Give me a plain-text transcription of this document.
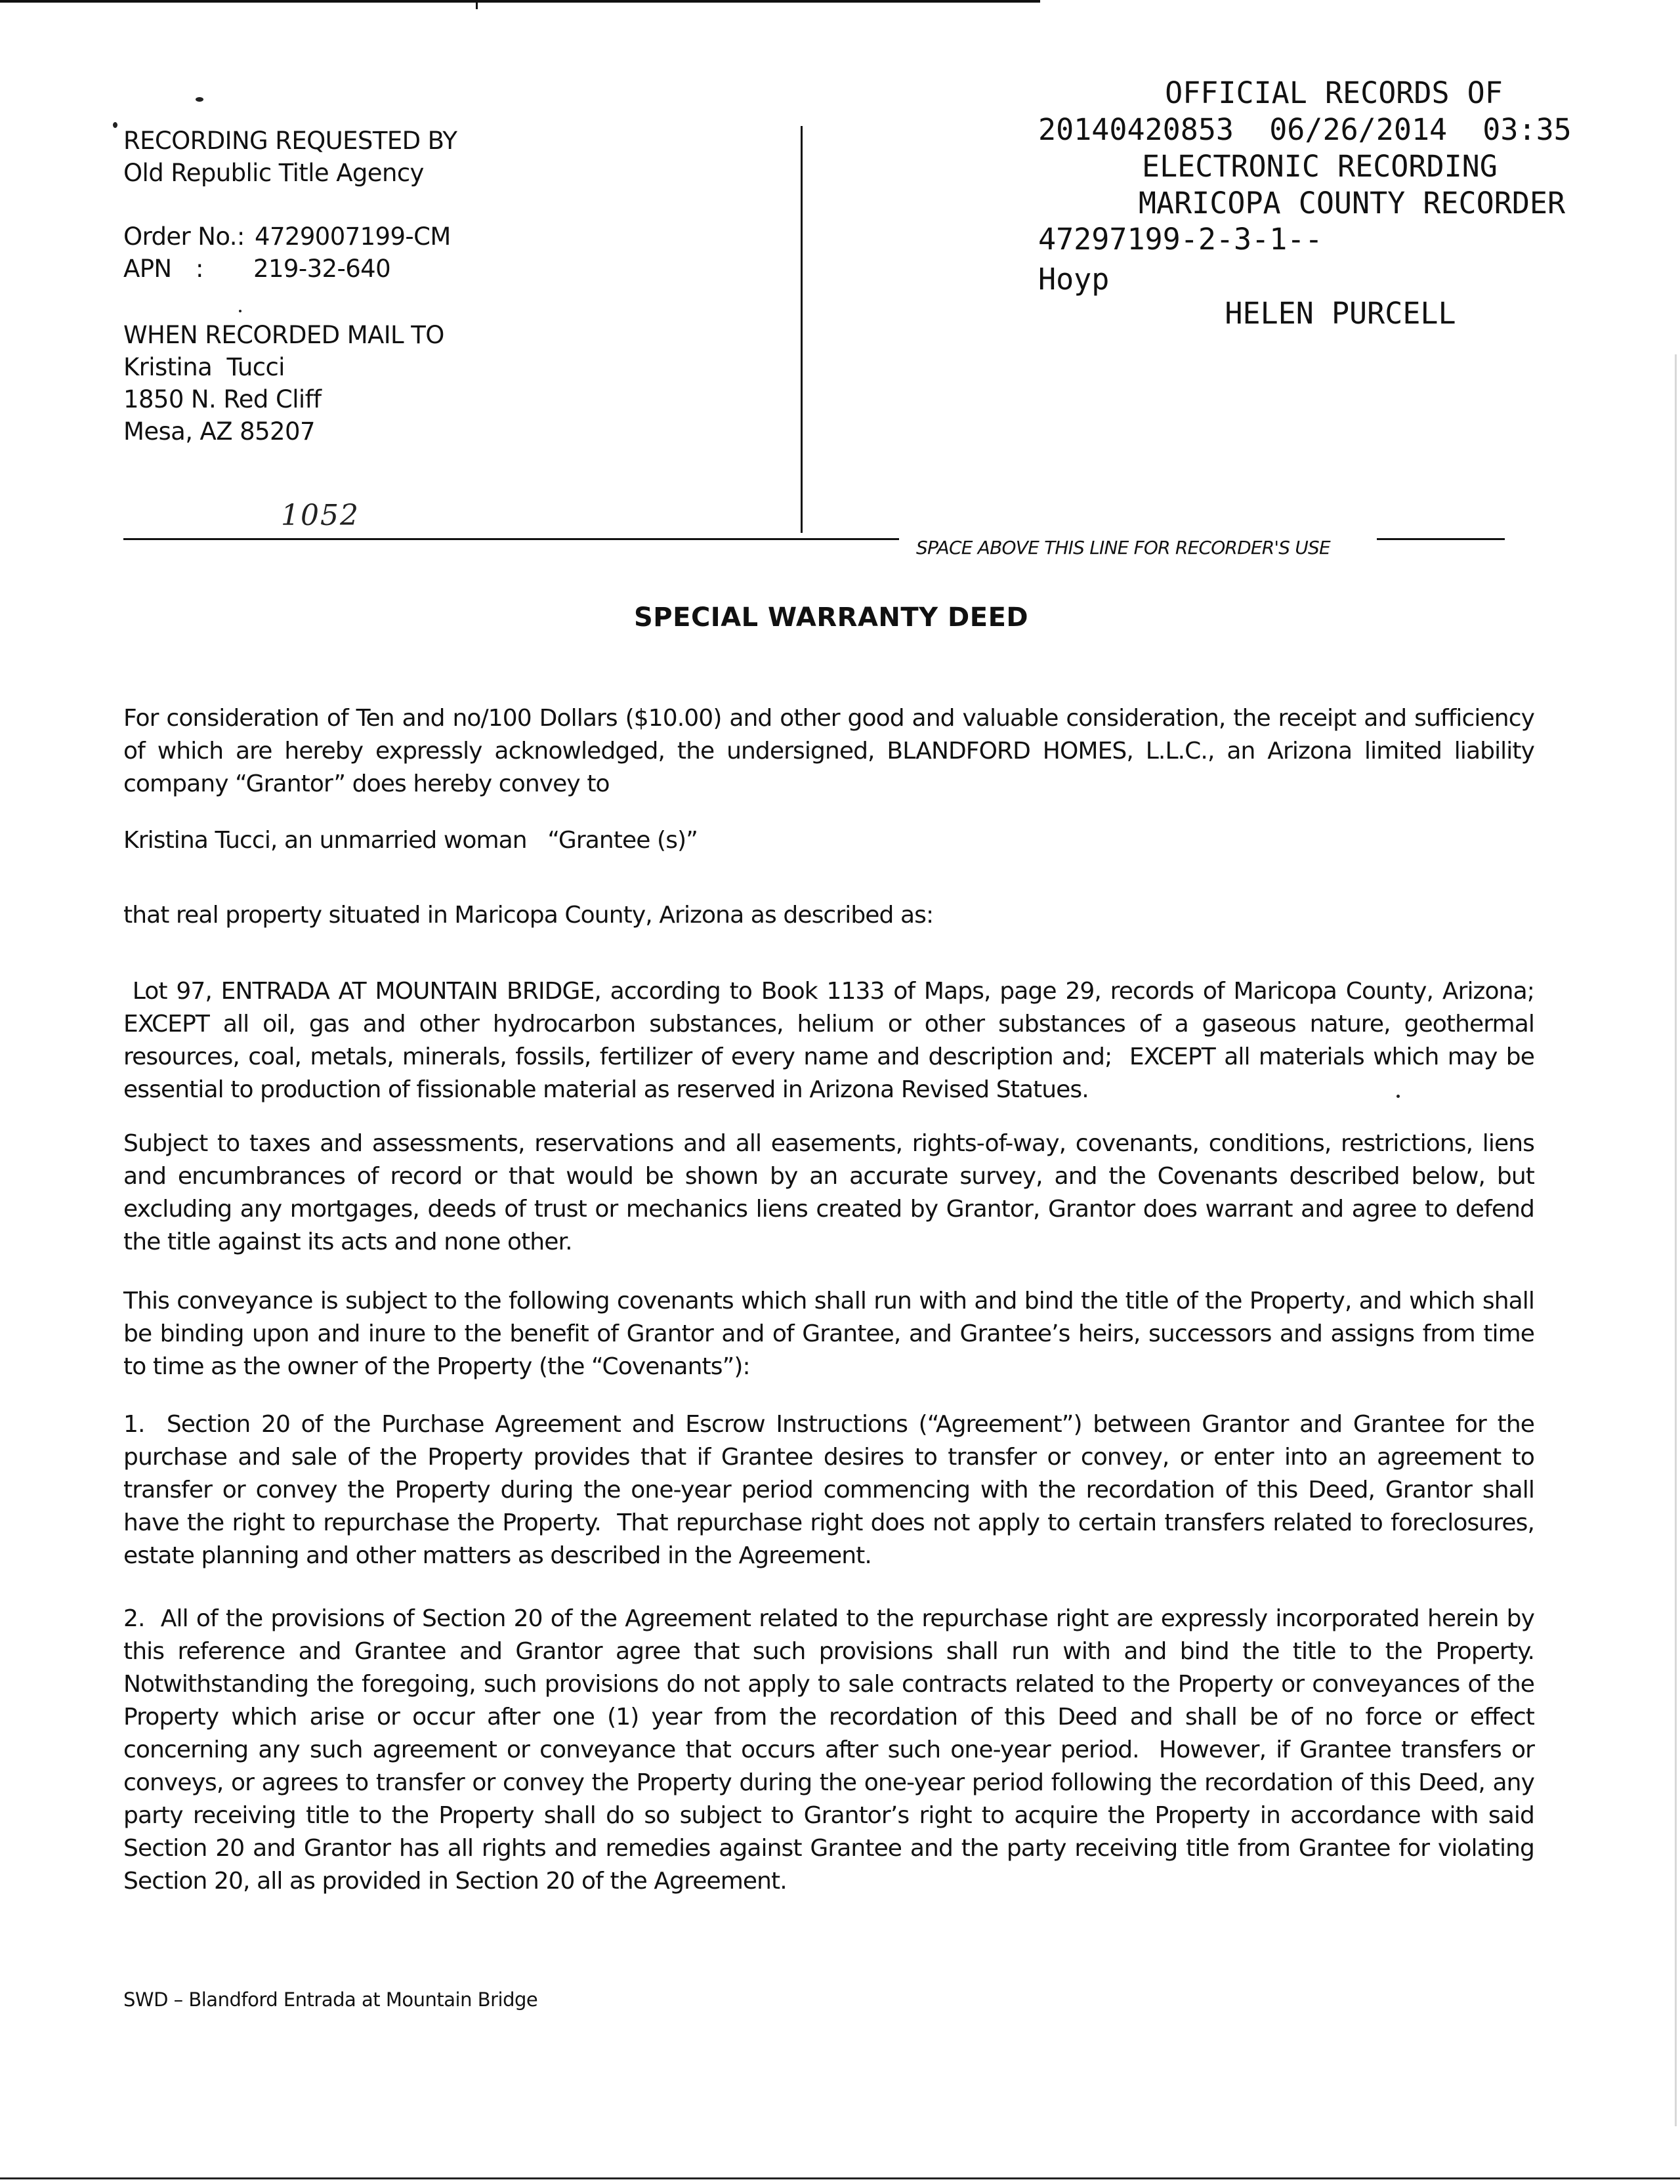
OFFICIAL RECORDS OF

MARICOPA COUNTY RECORDER

HELEN PURCELL

20140420853  06/26/2014  03:35
ELECTRONIC RECORDING
47297199-2-3-1--
Hoyp
RECORDING REQUESTED BY
Old Republic Title Agency
Order No.: 4729007199-CM
APN :	219-32-640
WHEN RECORDED MAIL TO
Kristina  Tucci
1850 N. Red Cliff
Mesa, AZ 85207
1052
SPACE ABOVE THIS LINE FOR RECORDER'S USE
SPECIAL WARRANTY DEED
For consideration of Ten and no/100 Dollars ($10.00) and other good and valuable consideration, the receipt and sufficiency of which are hereby expressly acknowledged, the undersigned, BLANDFORD HOMES, L.L.C., an Arizona limited liability company “Grantor” does hereby convey to
Kristina Tucci, an unmarried woman   “Grantee (s)”
that real property situated in Maricopa County, Arizona as described as:
Lot 97, ENTRADA AT MOUNTAIN BRIDGE, according to Book 1133 of Maps, page 29, records of Maricopa County, Arizona;   EXCEPT all oil, gas and other hydrocarbon substances, helium or other substances of a gaseous nature, geothermal resources, coal, metals, minerals, fossils, fertilizer of every name and description and;  EXCEPT all materials which may be essential to production of fissionable material as reserved in Arizona Revised Statues.
Subject to taxes and assessments, reservations and all easements, rights-of-way, covenants, conditions, restrictions, liens and encumbrances of record or that would be shown by an accurate survey, and the Covenants described below, but excluding any mortgages, deeds of trust or mechanics liens created by Grantor, Grantor does warrant and agree to defend the title against its acts and none other.
This conveyance is subject to the following covenants which shall run with and bind the title of the Property, and which shall be binding upon and inure to the benefit of Grantor and of Grantee, and Grantee’s heirs, successors and assigns from time to time as the owner of the Property (the “Covenants”):
1.  Section 20 of the Purchase Agreement and Escrow Instructions (“Agreement”) between Grantor and Grantee for the purchase and sale of the Property provides that if Grantee desires to transfer or convey, or enter into an agreement to transfer or convey the Property during the one-year period commencing with the recordation of this Deed, Grantor shall have the right to repurchase the Property.  That repurchase right does not apply to certain transfers related to foreclosures, estate planning and other matters as described in the Agreement.
2.  All of the provisions of Section 20 of the Agreement related to the repurchase right are expressly incorporated herein by this reference and Grantee and Grantor agree that such provisions shall run with and bind the title to the Property. Notwithstanding the foregoing, such provisions do not apply to sale contracts related to the Property or conveyances of the Property which arise or occur after one (1) year from the recordation of this Deed and shall be of no force or effect concerning any such agreement or conveyance that occurs after such one-year period.  However, if Grantee transfers or conveys, or agrees to transfer or convey the Property during the one-year period following the recordation of this Deed, any party receiving title to the Property shall do so subject to Grantor’s right to acquire the Property in accordance with said Section 20 and Grantor has all rights and remedies against Grantee and the party receiving title from Grantee for violating Section 20, all as provided in Section 20 of the Agreement.
SWD – Blandford Entrada at Mountain Bridge
